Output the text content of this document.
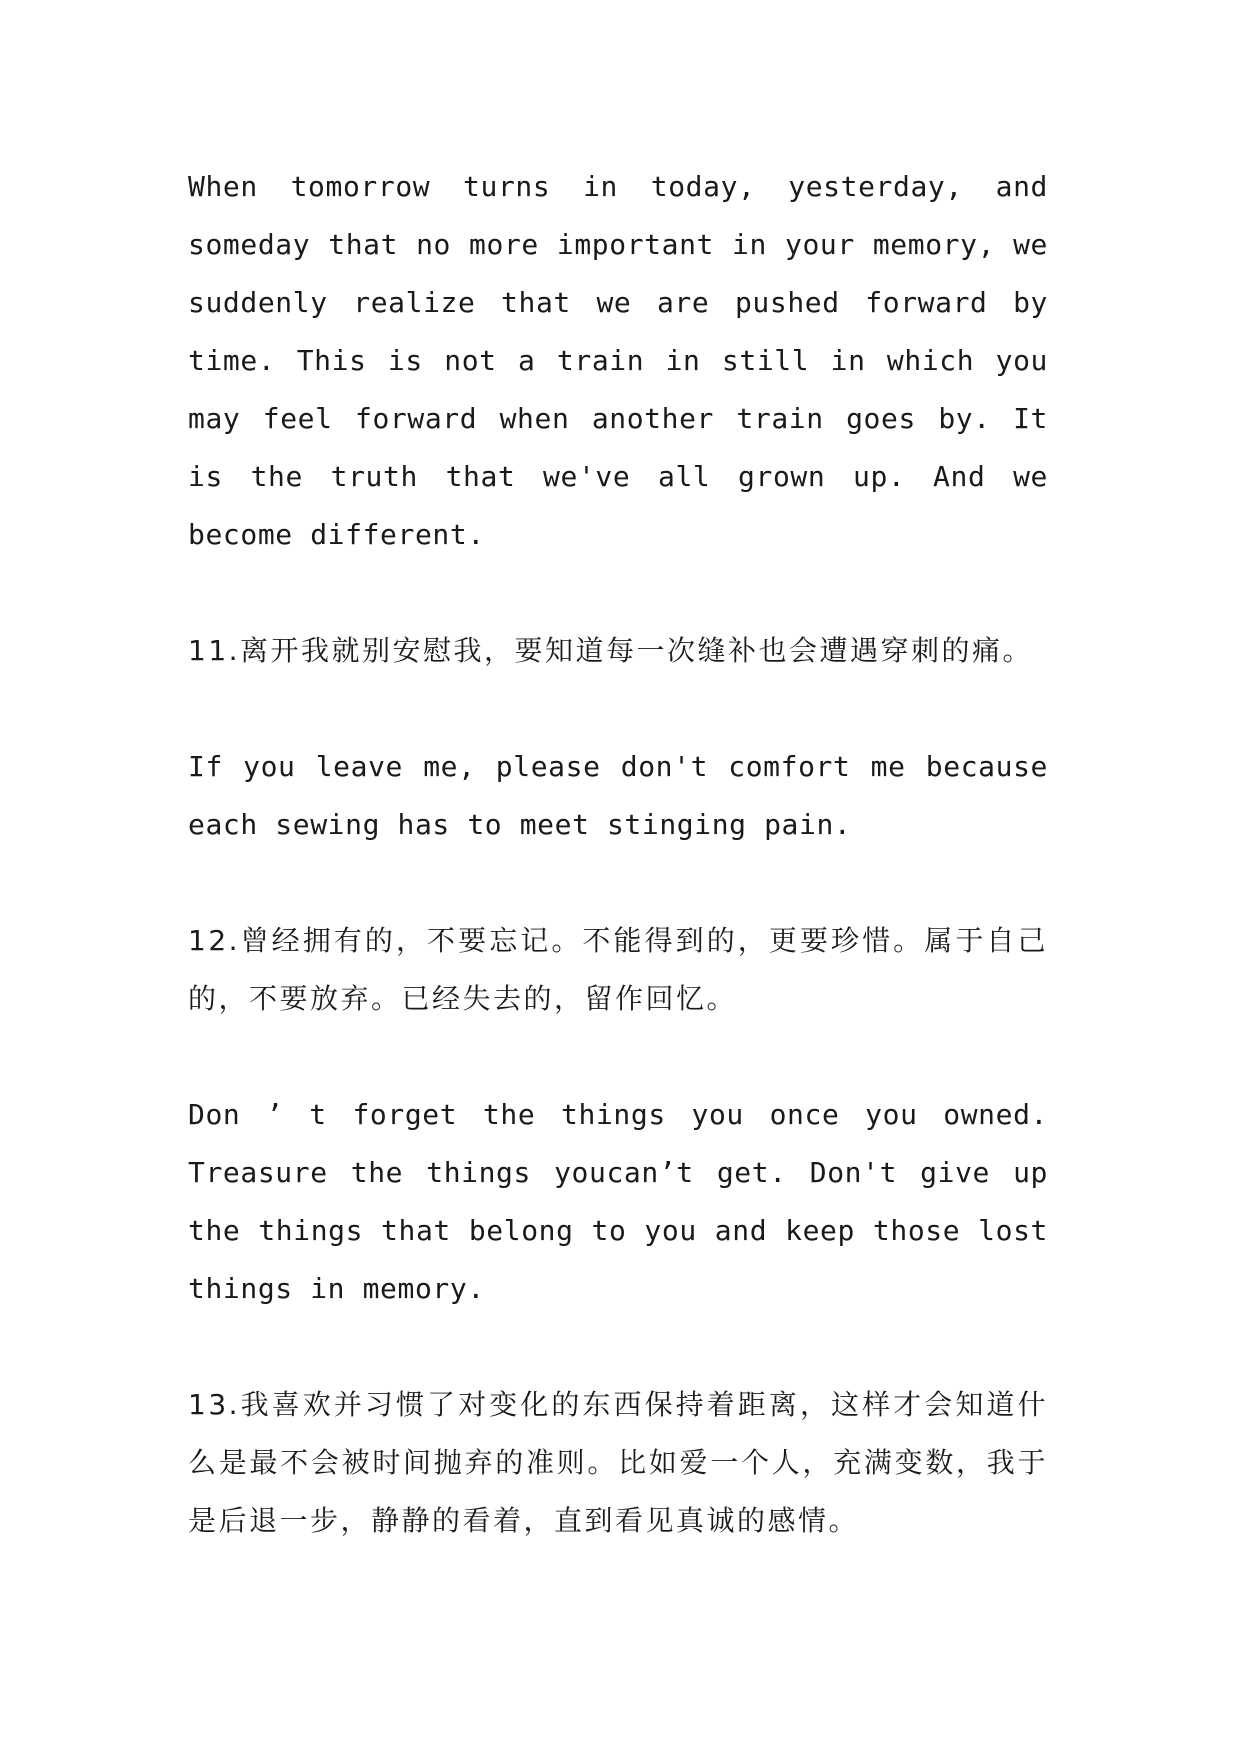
When tomorrow turns in today, yesterday, and someday that no more important in your memory, we suddenly realize that we are pushed forward by time. This is not a train in still in which you may feel forward when another train goes by. It is the truth that we've all grown up. And we become different.

11.离开我就别安慰我，要知道每一次缝补也会遭遇穿刺的痛。

If you leave me, please don't comfort me because each sewing has to meet stinging pain.

12.曾经拥有的，不要忘记。不能得到的，更要珍惜。属于自己的，不要放弃。已经失去的，留作回忆。

Don ’ t forget the things you once you owned. Treasure the things youcan’t get. Don't give up the things that belong to you and keep those lost things in memory.

13.我喜欢并习惯了对变化的东西保持着距离，这样才会知道什么是最不会被时间抛弃的准则。比如爱一个人，充满变数，我于是后退一步，静静的看着，直到看见真诚的感情。
